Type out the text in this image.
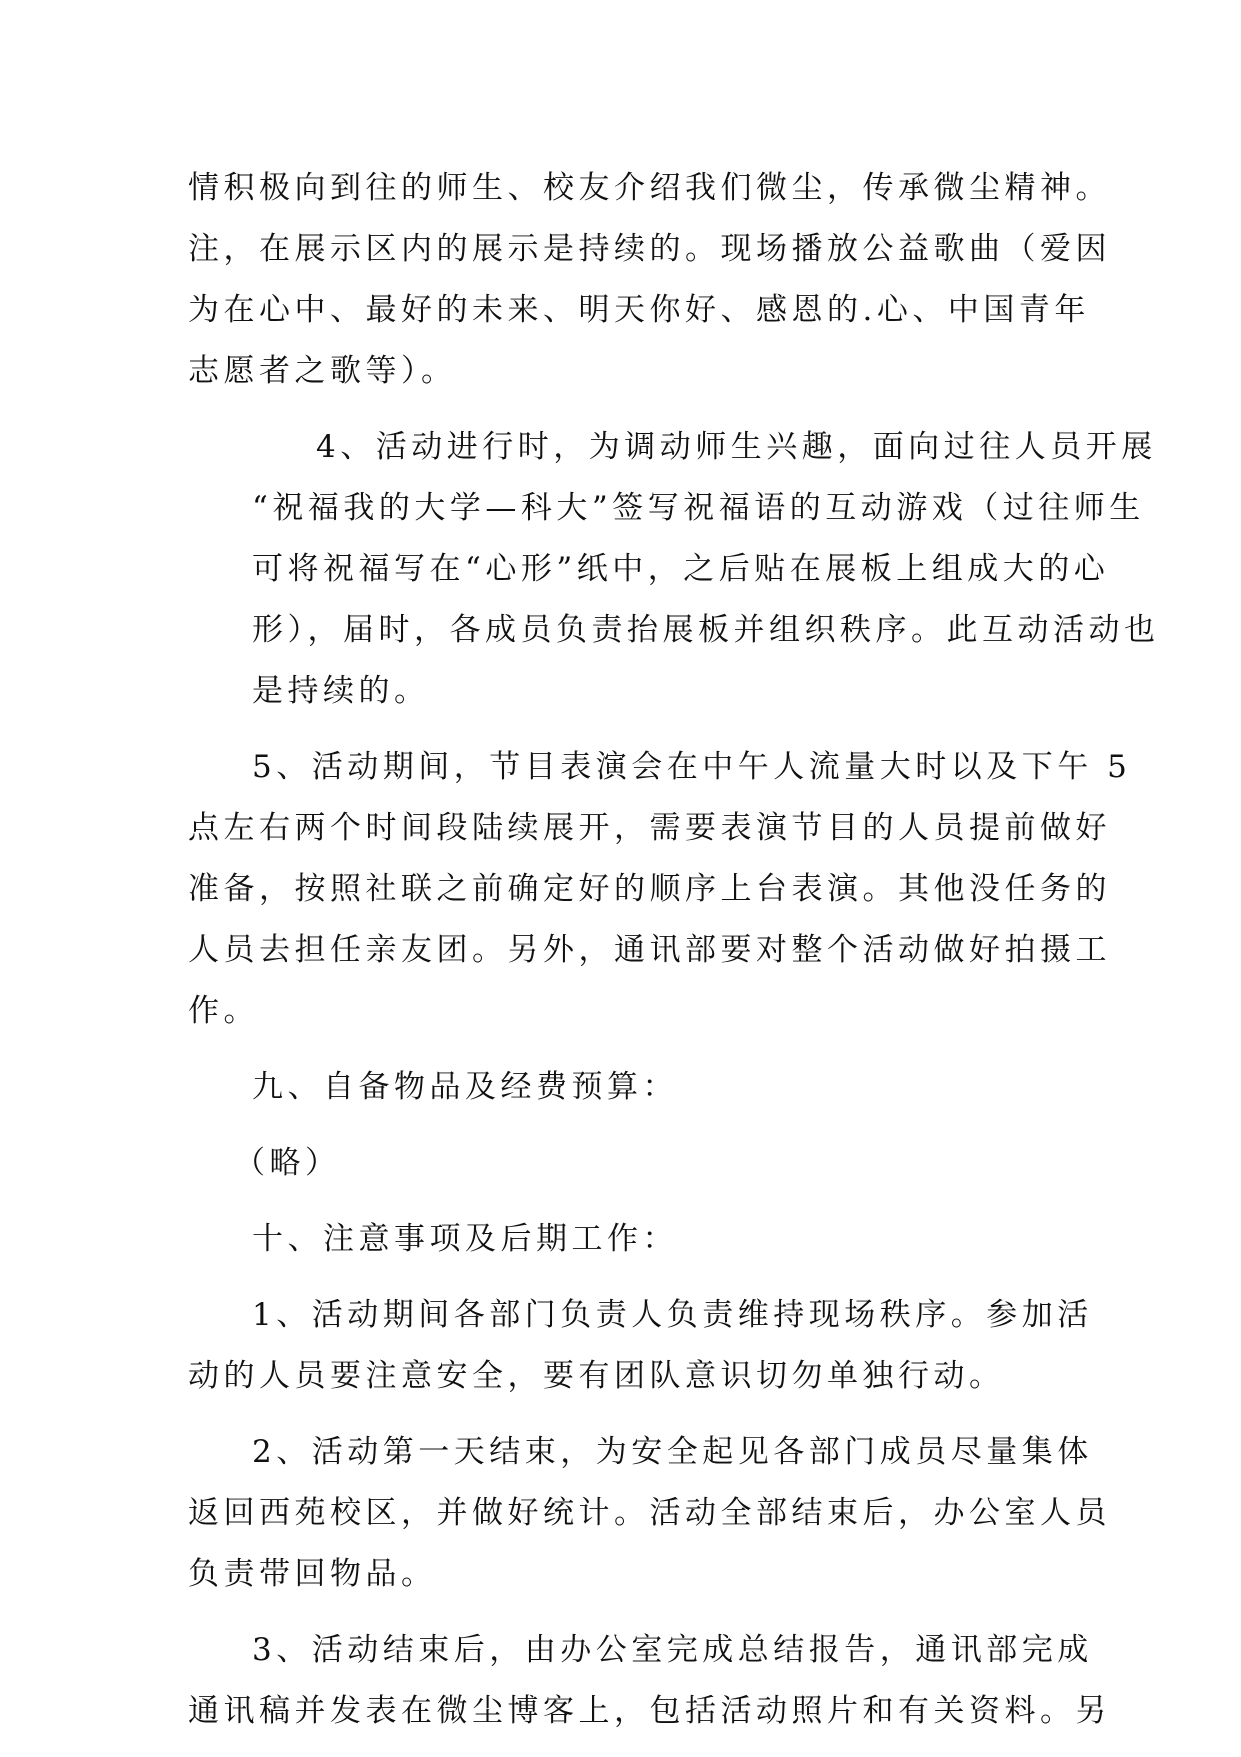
情积极向到往的师生、校友介绍我们微尘，传承微尘精神。
注，在展示区内的展示是持续的。现场播放公益歌曲（爱因
为在心中、最好的未来、明天你好、感恩的.心、中国青年
志愿者之歌等）。
4、活动进行时，为调动师生兴趣，面向过往人员开展
“祝福我的大学—科大”签写祝福语的互动游戏（过往师生
可将祝福写在“心形”纸中，之后贴在展板上组成大的心
形），届时，各成员负责抬展板并组织秩序。此互动活动也
是持续的。
5、活动期间，节目表演会在中午人流量大时以及下午 5
点左右两个时间段陆续展开，需要表演节目的人员提前做好
准备，按照社联之前确定好的顺序上台表演。其他没任务的
人员去担任亲友团。另外，通讯部要对整个活动做好拍摄工
作。
九、自备物品及经费预算：
（略）
十、注意事项及后期工作：
1、活动期间各部门负责人负责维持现场秩序。参加活
动的人员要注意安全，要有团队意识切勿单独行动。
2、活动第一天结束，为安全起见各部门成员尽量集体
返回西苑校区，并做好统计。活动全部结束后，办公室人员
负责带回物品。
3、活动结束后，由办公室完成总结报告，通讯部完成
通讯稿并发表在微尘博客上，包括活动照片和有关资料。另
